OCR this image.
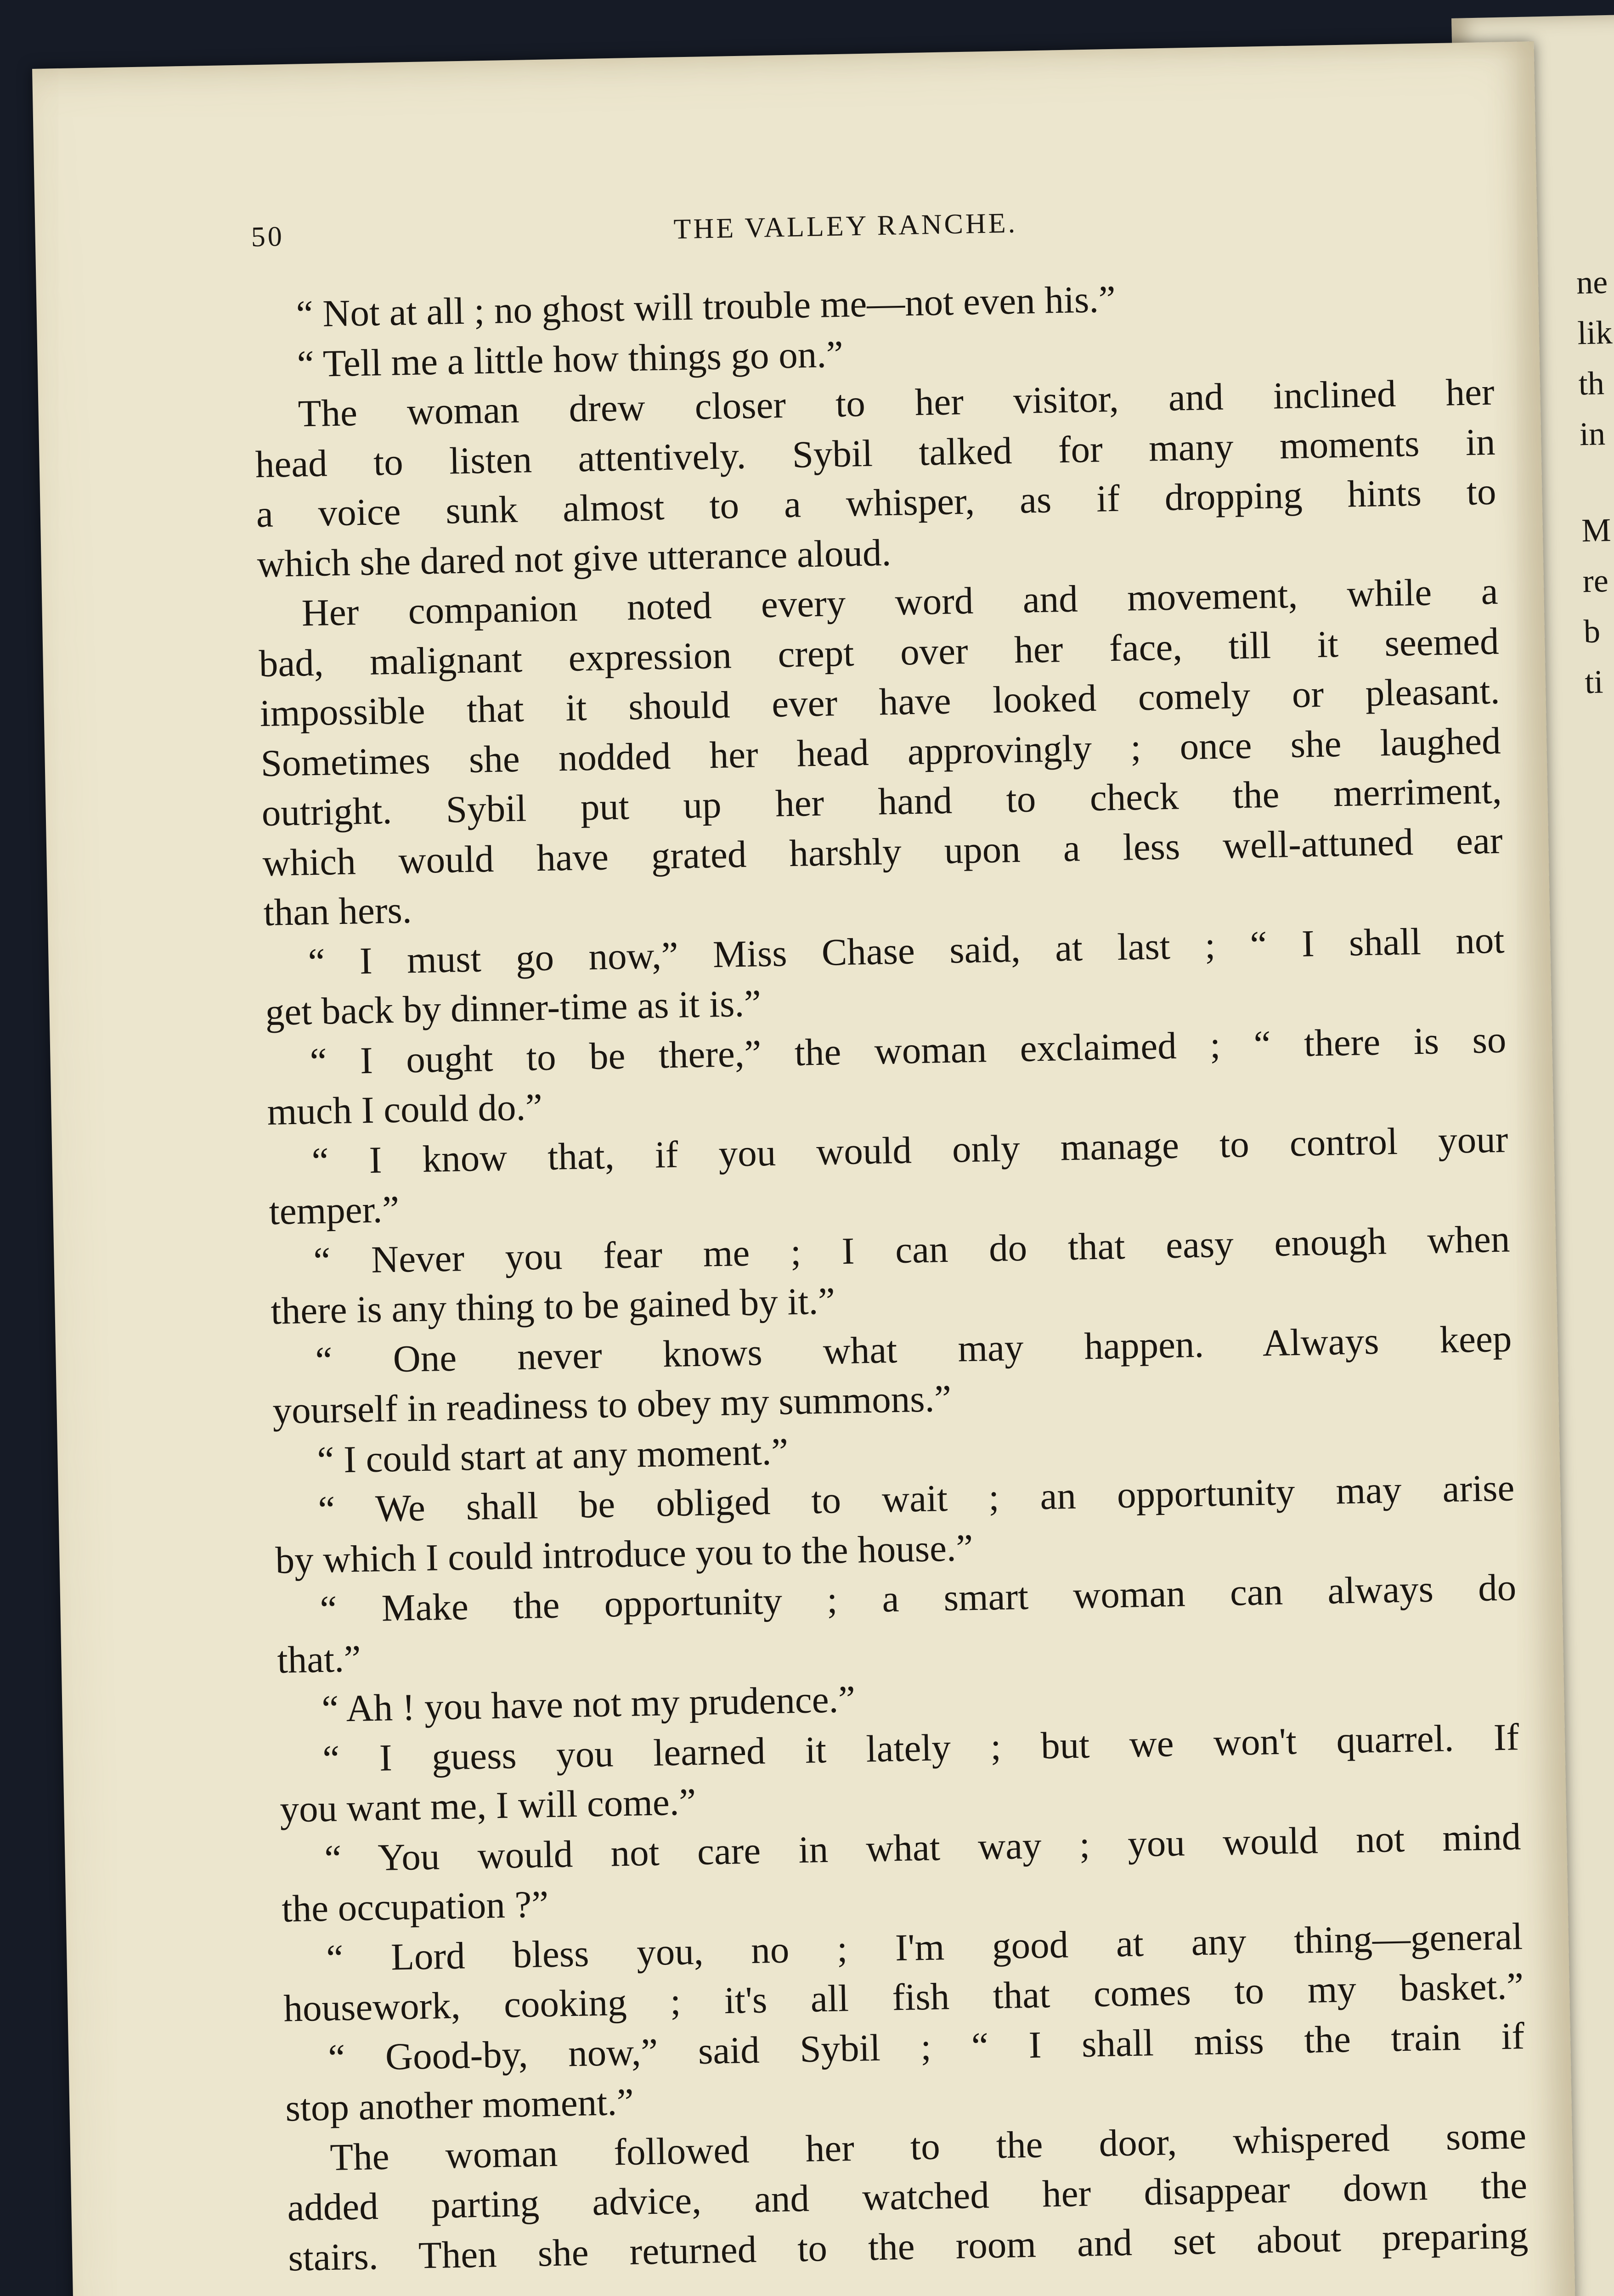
ne
lik
th
in
M
re
b
ti
50	THE VALLEY RANCHE.
“ Not at all ; no ghost will trouble me—not even his.”
“ Tell me a little how things go on.”
The woman drew closer to her visitor, and inclined her
head to listen attentively. Sybil talked for many moments in
a voice sunk almost to a whisper, as if dropping hints to
which she dared not give utterance aloud.
Her companion noted every word and movement, while a
bad, malignant expression crept over her face, till it seemed
impossible that it should ever have looked comely or pleasant.
Sometimes she nodded her head approvingly ; once she laughed
outright. Sybil put up her hand to check the merriment,
which would have grated harshly upon a less well-attuned ear
than hers.
“ I must go now,” Miss Chase said, at last ; “ I shall not
get back by dinner-time as it is.”
“ I ought to be there,” the woman exclaimed ; “ there is so
much I could do.”
“ I know that, if you would only manage to control your
temper.”
“ Never you fear me ; I can do that easy enough when
there is any thing to be gained by it.”
“ One never knows what may happen. Always keep
yourself in readiness to obey my summons.”
“ I could start at any moment.”
“ We shall be obliged to wait ; an opportunity may arise
by which I could introduce you to the house.”
“ Make the opportunity ; a smart woman can always do
that.”
“ Ah ! you have not my prudence.”
“ I guess you learned it lately ; but we won't quarrel. If
you want me, I will come.”
“ You would not care in what way ; you would not mind
the occupation ?”
“ Lord bless you, no ; I'm good at any thing—general
housework, cooking ; it's all fish that comes to my basket.”
“ Good-by, now,” said Sybil ; “ I shall miss the train if
stop another moment.”
The woman followed her to the door, whispered some
added parting advice, and watched her disappear down the
stairs. Then she returned to the room and set about preparing
